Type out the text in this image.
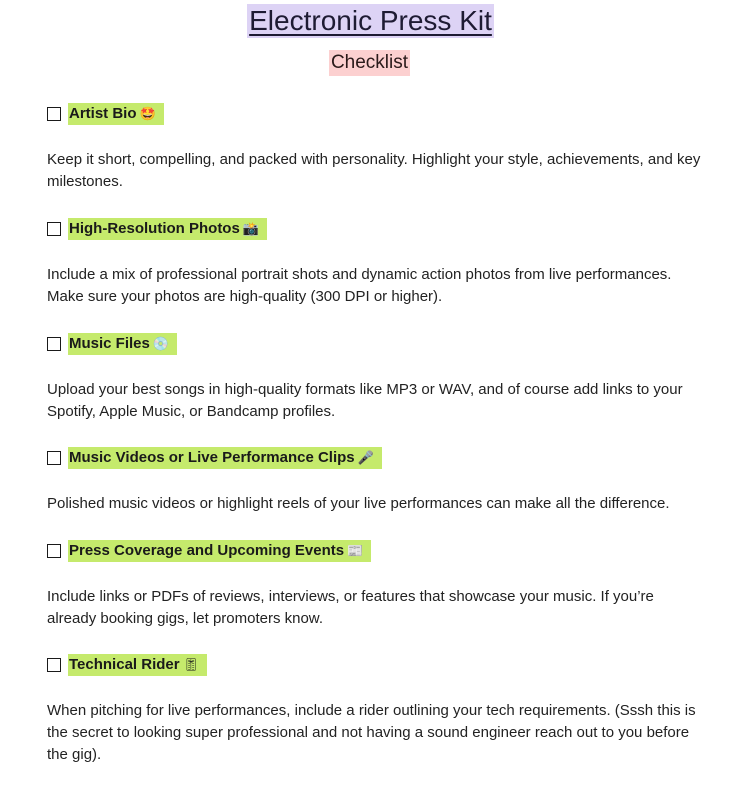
Electronic Press Kit
Checklist
Artist Bio 🤩
Keep it short, compelling, and packed with personality. Highlight your style, achievements, and key milestones.
High-Resolution Photos 📸
Include a mix of professional portrait shots and dynamic action photos from live performances. Make sure your photos are high-quality (300 DPI or higher).
Music Files 💿
Upload your best songs in high-quality formats like MP3 or WAV, and of course add links to your Spotify, Apple Music, or Bandcamp profiles.
Music Videos or Live Performance Clips 🎤
Polished music videos or highlight reels of your live performances can make all the difference.
Press Coverage and Upcoming Events 📰
Include links or PDFs of reviews, interviews, or features that showcase your music. If you’re already booking gigs, let promoters know.
Technical Rider 🎚
When pitching for live performances, include a rider outlining your tech requirements. (Sssh this is the secret to looking super professional and not having a sound engineer reach out to you before the gig).
